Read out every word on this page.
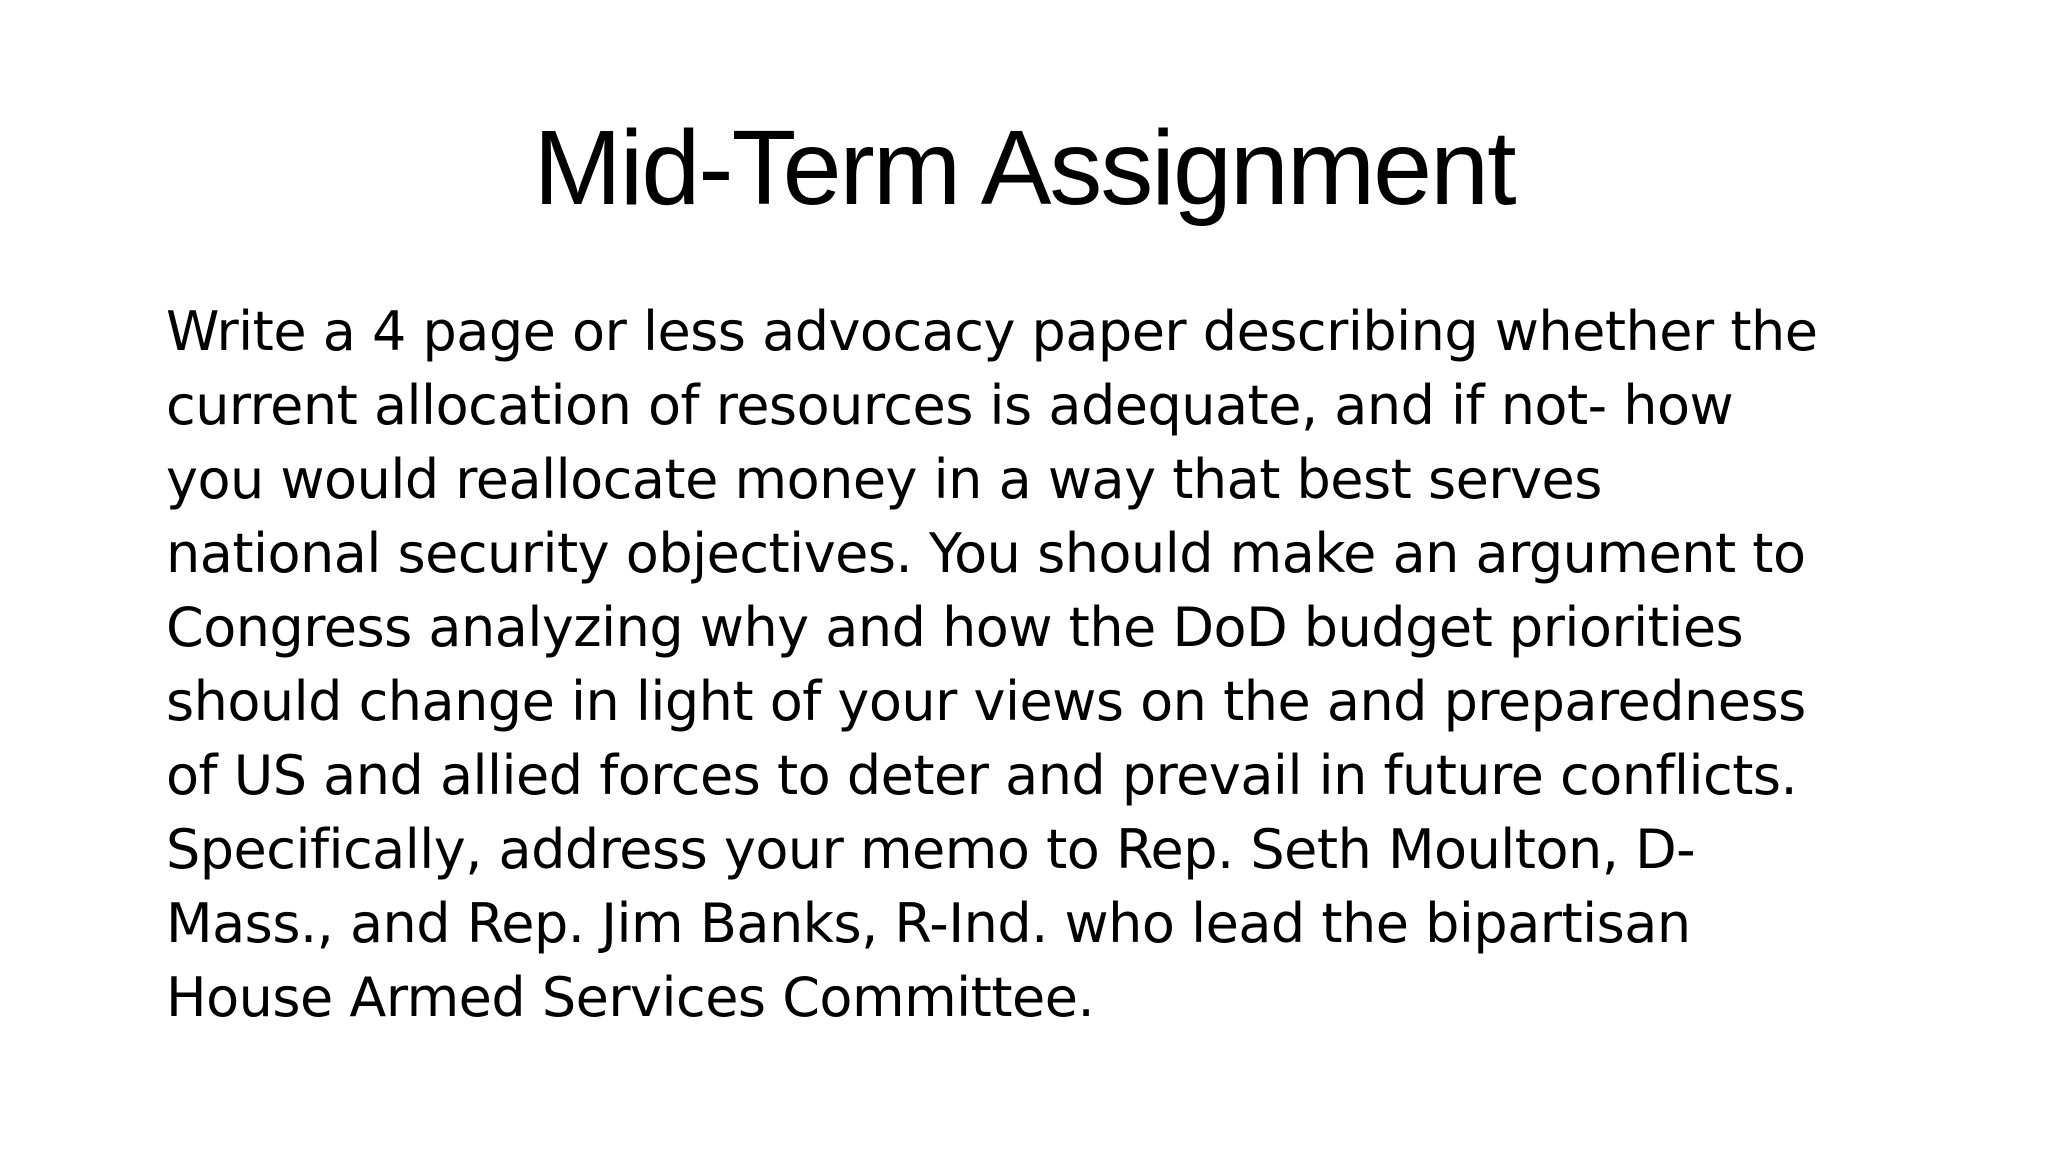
Mid-Term Assignment

Write a 4 page or less advocacy paper describing whether the
current allocation of resources is adequate, and if not- how
you would reallocate money in a way that best serves
national security objectives. You should make an argument to
Congress analyzing why and how the DoD budget priorities
should change in light of your views on the and preparedness
of US and allied forces to deter and prevail in future conflicts.
Specifically, address your memo to Rep. Seth Moulton, D-
Mass., and Rep. Jim Banks, R-Ind. who lead the bipartisan
House Armed Services Committee.
